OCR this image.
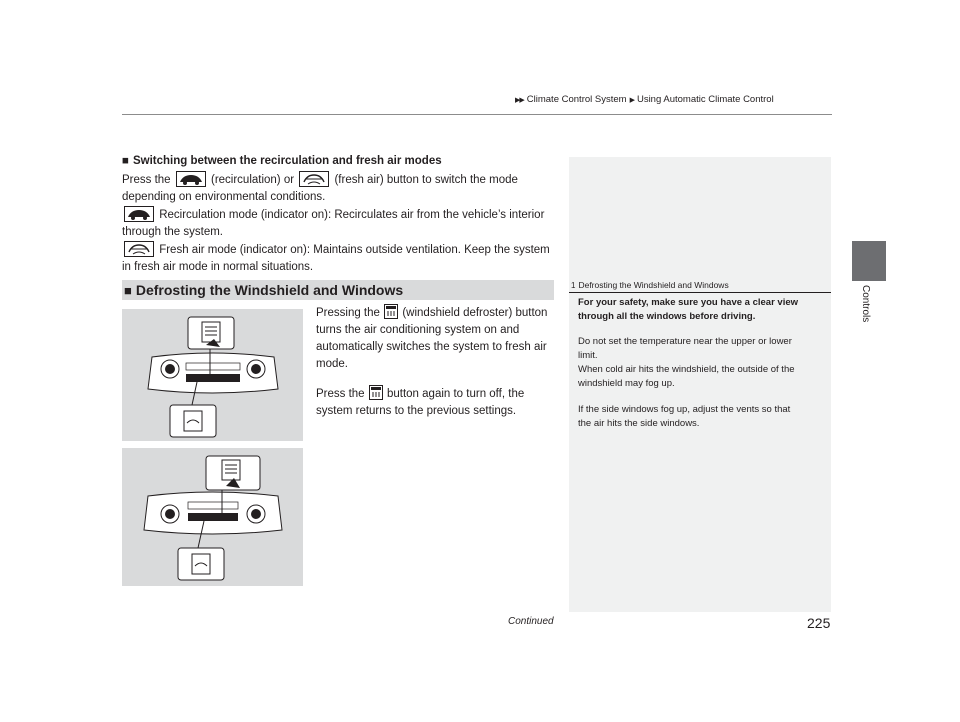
▶▶ Climate Control System ▶ Using Automatic Climate Control
Controls
■ Switching between the recirculation and fresh air modes
Press the	(recirculation) or	(fresh air) button to switch the mode
depending on environmental conditions.
Recirculation mode (indicator on): Recirculates air from the vehicle’s interior
through the system.
Fresh air mode (indicator on): Maintains outside ventilation. Keep the system
in fresh air mode in normal situations.
■ Defrosting the Windshield and Windows
Pressing the (windshield defroster) button
turns the air conditioning system on and
automatically switches the system to fresh air
mode.
Press the button again to turn off, the
system returns to the previous settings.
1 Defrosting the Windshield and Windows
For your safety, make sure you have a clear view
through all the windows before driving.
Do not set the temperature near the upper or lower
limit.
When cold air hits the windshield, the outside of the
windshield may fog up.
If the side windows fog up, adjust the vents so that
the air hits the side windows.
Continued	225
